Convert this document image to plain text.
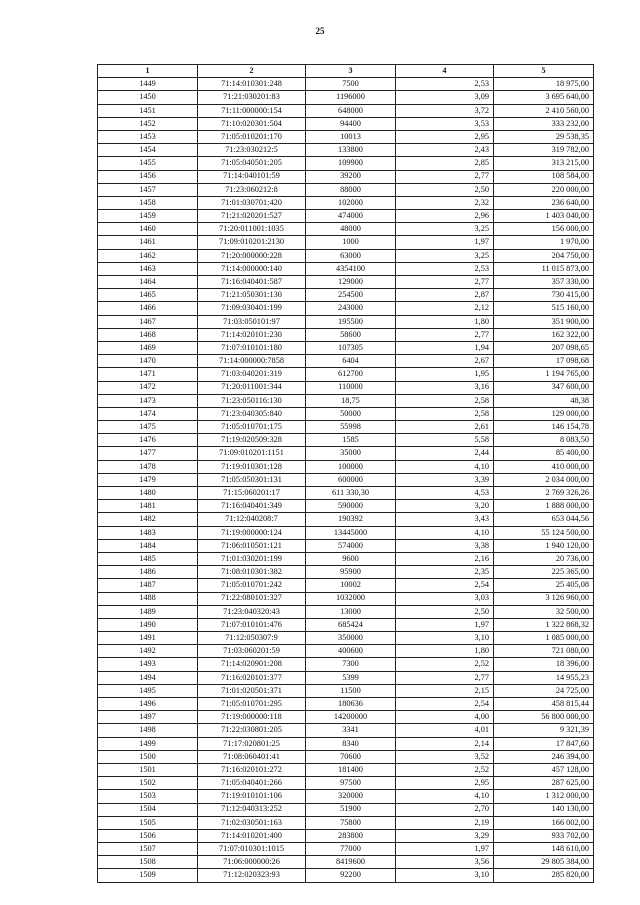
25
1	2	3	4	5
1449	71:14:010301:248	7500	2,53	18 975,00
1450	71:21:030201:83	1196000	3,09	3 695 640,00
1451	71:11:000000:154	648000	3,72	2 410 560,00
1452	71:10:020301:504	94400	3,53	333 232,00
1453	71:05:010201:170	10013	2,95	29 538,35
1454	71:23:030212:5	133800	2,43	319 782,00
1455	71:05:040501:205	109900	2,85	313 215,00
1456	71:14:040101:59	39200	2,77	108 584,00
1457	71:23:060212:8	88000	2,50	220 000,00
1458	71:01:030701:420	102000	2,32	236 640,00
1459	71:21:020201:527	474000	2,96	1 403 040,00
1460	71:20:011001:1035	48000	3,25	156 000,00
1461	71:09:010201:2130	1000	1,97	1 970,00
1462	71:20:000000:228	63000	3,25	204 750,00
1463	71:14:000000:140	4354100	2,53	11 015 873,00
1464	71:16:040401:587	129000	2,77	357 330,00
1465	71:21:050301:130	254500	2,87	730 415,00
1466	71:09:030401:199	243000	2,12	515 160,00
1467	71:03:050101:97	195500	1,80	351 900,00
1468	71:14:020101:230	58600	2,77	162 322,00
1469	71:07:010101:180	107305	1,94	207 098,65
1470	71:14:000000:7858	6404	2,67	17 098,68
1471	71:03:040201:319	612700	1,95	1 194 765,00
1472	71:20:011001:344	110000	3,16	347 600,00
1473	71:23:050116:130	18,75	2,58	48,38
1474	71:23:040305:840	50000	2,58	129 000,00
1475	71:05:010701:175	55998	2,61	146 154,78
1476	71:19:020509:328	1585	5,58	8 083,50
1477	71:09:010201:1151	35000	2,44	85 400,00
1478	71:19:010301:128	100000	4,10	410 000,00
1479	71:05:050301:131	600000	3,39	2 034 000,00
1480	71:15:060201:17	611 330,30	4,53	2 769 326,26
1481	71:16:040401:349	590000	3,20	1 888 000,00
1482	71:12:040208:7	190392	3,43	653 044,56
1483	71:19:000000:124	13445000	4,10	55 124 500,00
1484	71:06:010501:121	574000	3,38	1 940 120,00
1485	71:01:030201:199	9600	2,16	20 736,00
1486	71:08:010301:382	95900	2,35	225 365,00
1487	71:05:010701:242	10002	2,54	25 405,08
1488	71:22:080101:327	1032000	3,03	3 126 960,00
1489	71:23:040320:43	13000	2,50	32 500,00
1490	71:07:010101:476	685424	1,97	1 322 868,32
1491	71:12:050307:9	350000	3,10	1 085 000,00
1492	71:03:060201:59	400600	1,80	721 080,00
1493	71:14:020901:208	7300	2,52	18 396,00
1494	71:16:020101:377	5399	2,77	14 955,23
1495	71:01:020501:371	11500	2,15	24 725,00
1496	71:05:010701:295	180636	2,54	458 815,44
1497	71:19:000000:118	14200000	4,00	56 800 000,00
1498	71:22:030801:205	3341	4,01	9 321,39
1499	71:17:020801:25	8340	2,14	17 847,60
1500	71:08:060401:41	70600	3,52	246 394,00
1501	71:16:020101:272	181400	2,52	457 128,00
1502	71:05:040401:266	97500	2,95	287 625,00
1503	71:19:010101:106	320000	4,10	1 312 000,00
1504	71:12:040313:252	51900	2,70	140 130,00
1505	71:02:030501:163	75800	2,19	166 002,00
1506	71:14:010201:400	283800	3,29	933 702,00
1507	71:07:010301:1015	77000	1,97	148 610,00
1508	71:06:000000:26	8419600	3,56	29 805 384,00
1509	71:12:020323:93	92200	3,10	285 820,00
